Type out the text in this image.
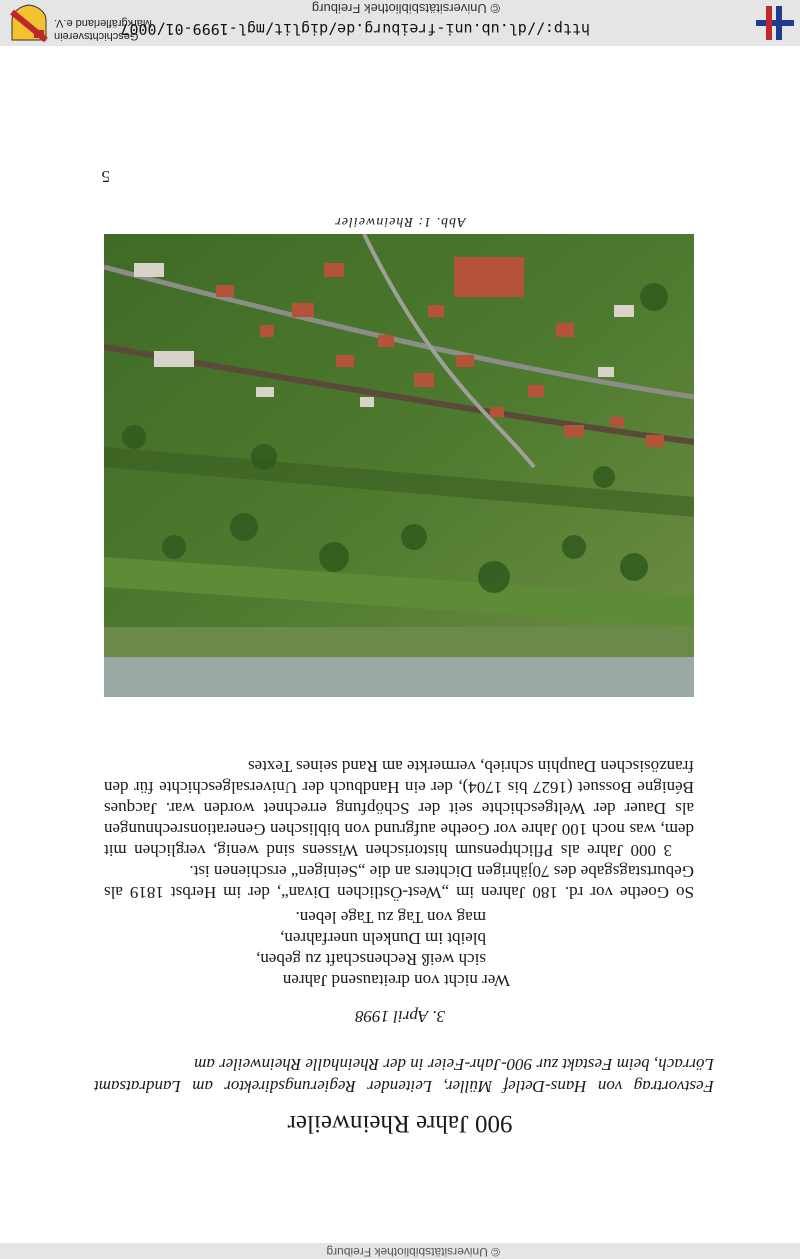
© Universitätsbibliothek Freiburg
900 Jahre Rheinweiler
Festvortrag von Hans-Detlef Müller, Leitender Regierungsdirektor am Landratsamt Lörrach, beim Festakt zur 900-Jahr-Feier in der Rheinhalle Rheinweiler am
3. April 1998
Wer nicht von dreitausend Jahren
sich weiß Rechenschaft zu geben,
bleibt im Dunkeln unerfahren,
mag von Tag zu Tage leben.

So Goethe vor rd. 180 Jahren im „West-Östlichen Divan“, der im Herbst 1819 als Geburtstagsgabe des 70jährigen Dichters an die „Seinigen“ erschienen ist.

3 000 Jahre als Pflichtpensum historischen Wissens sind wenig, verglichen mit dem, was noch 100 Jahre vor Goethe aufgrund von biblischen Generationsrechnungen als Dauer der Weltgeschichte seit der Schöpfung errechnet worden war. Jacques Bénigne Bossuet (1627 bis 1704), der ein Handbuch der Universalgeschichte für den französischen Dauphin schrieb, vermerkte am Rand seines Textes

Abb. 1: Rheinweiler
5
http://dl.ub.uni-freiburg.de/diglit/mgl-1999-01/0007
© Universitätsbibliothek Freiburg
Geschichtsverein
Markgräflerland e.V.
